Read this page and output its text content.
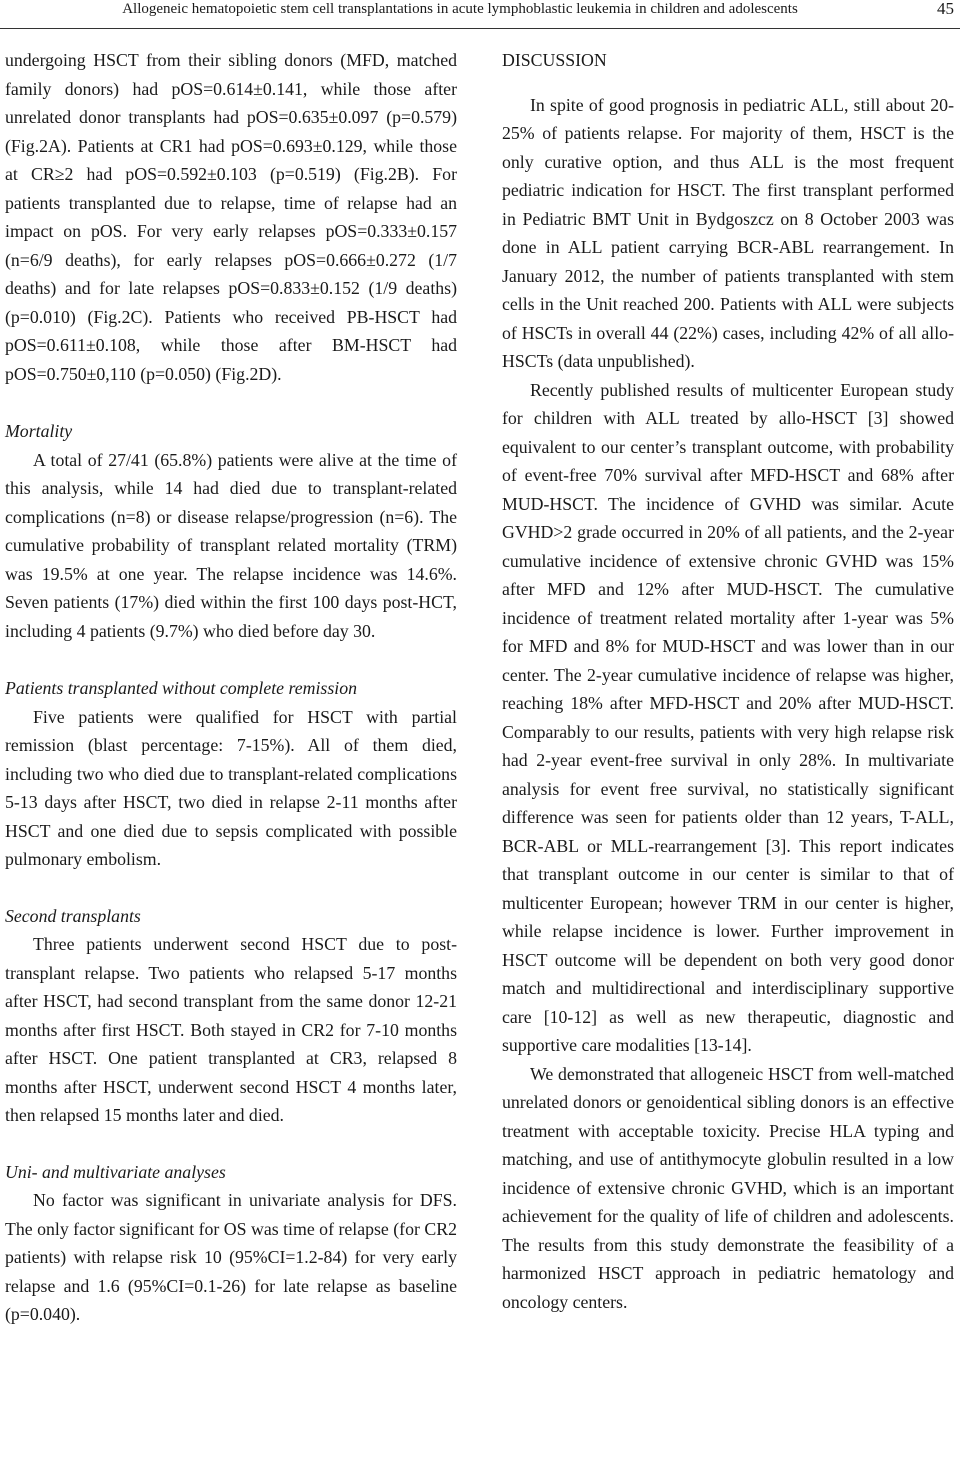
Allogeneic hematopoietic stem cell transplantations in acute lymphoblastic leukemia in children and adolescents	45

undergoing HSCT from their sibling donors (MFD, matched family donors) had pOS=0.614±0.141, while those after unrelated donor transplants had pOS=0.635±0.097 (p=0.579) (Fig.2A). Patients at CR1 had pOS=0.693±0.129, while those at CR≥2 had pOS=0.592±0.103 (p=0.519) (Fig.2B). For patients transplanted due to relapse, time of relapse had an impact on pOS. For very early relapses pOS=0.333±0.157 (n=6/9 deaths), for early relapses pOS=0.666±0.272 (1/7 deaths) and for late relapses pOS=0.833±0.152 (1/9 deaths) (p=0.010) (Fig.2C). Patients who received PB-HSCT had pOS=0.611±0.108, while those after BM-HSCT had pOS=0.750±0,110 (p=0.050) (Fig.2D).

Mortality

A total of 27/41 (65.8%) patients were alive at the time of this analysis, while 14 had died due to transplant-related complications (n=8) or disease relapse/progression (n=6). The cumulative probability of transplant related mortality (TRM) was 19.5% at one year. The relapse incidence was 14.6%. Seven patients (17%) died within the first 100 days post-HCT, including 4 patients (9.7%) who died before day 30.

Patients transplanted without complete remission

Five patients were qualified for HSCT with partial remission (blast percentage: 7-15%). All of them died, including two who died due to transplant-related complications 5-13 days after HSCT, two died in relapse 2-11 months after HSCT and one died due to sepsis complicated with possible pulmonary embolism.

Second transplants

Three patients underwent second HSCT due to post-transplant relapse. Two patients who relapsed 5-17 months after HSCT, had second transplant from the same donor 12-21 months after first HSCT. Both stayed in CR2 for 7-10 months after HSCT. One patient transplanted at CR3, relapsed 8 months after HSCT, underwent second HSCT 4 months later, then relapsed 15 months later and died.

Uni- and multivariate analyses

No factor was significant in univariate analysis for DFS. The only factor significant for OS was time of relapse (for CR2 patients) with relapse risk 10 (95%CI=1.2-84) for very early relapse and 1.6 (95%CI=0.1-26) for late relapse as baseline (p=0.040).

DISCUSSION

In spite of good prognosis in pediatric ALL, still about 20-25% of patients relapse. For majority of them, HSCT is the only curative option, and thus ALL is the most frequent pediatric indication for HSCT. The first transplant performed in Pediatric BMT Unit in Bydgoszcz on 8 October 2003 was done in ALL patient carrying BCR-ABL rearrangement. In January 2012, the number of patients transplanted with stem cells in the Unit reached 200. Patients with ALL were subjects of HSCTs in overall 44 (22%) cases, including 42% of all allo-HSCTs (data unpublished).

Recently published results of multicenter European study for children with ALL treated by allo-HSCT [3] showed equivalent to our center’s transplant outcome, with probability of event-free 70% survival after MFD-HSCT and 68% after MUD-HSCT. The incidence of GVHD was similar. Acute GVHD>2 grade occurred in 20% of all patients, and the 2-year cumulative incidence of extensive chronic GVHD was 15% after MFD and 12% after MUD-HSCT. The cumulative incidence of treatment related mortality after 1-year was 5% for MFD and 8% for MUD-HSCT and was lower than in our center. The 2-year cumulative incidence of relapse was higher, reaching 18% after MFD-HSCT and 20% after MUD-HSCT. Comparably to our results, patients with very high relapse risk had 2-year event-free survival in only 28%. In multivariate analysis for event free survival, no statistically significant difference was seen for patients older than 12 years, T-ALL, BCR-ABL or MLL-rearrangement [3]. This report indicates that transplant outcome in our center is similar to that of multicenter European; however TRM in our center is higher, while relapse incidence is lower. Further improvement in HSCT outcome will be dependent on both very good donor match and multidirectional and interdisciplinary supportive care [10-12] as well as new therapeutic, diagnostic and supportive care modalities [13-14].

We demonstrated that allogeneic HSCT from well-matched unrelated donors or genoidentical sibling donors is an effective treatment with acceptable toxicity. Precise HLA typing and matching, and use of antithymocyte globulin resulted in a low incidence of extensive chronic GVHD, which is an important achievement for the quality of life of children and adolescents. The results from this study demonstrate the feasibility of a harmonized HSCT approach in pediatric hematology and oncology centers.
